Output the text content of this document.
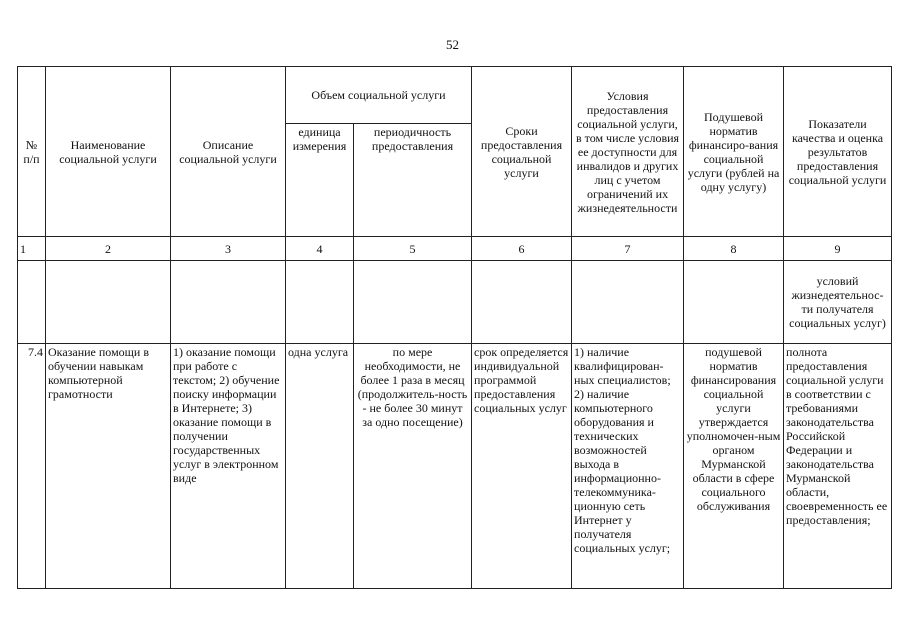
52
№ п/п	Наименование социальной услуги	Описание социальной услуги	Объем социальной услуги		Сроки предоставления социальной услуги	Условия предоставления социальной услуги, в том числе условия ее доступности для инвалидов и других лиц с учетом ограничений их жизнедеятельности	Подушевой норматив финансиро-вания социальной услуги (рублей на одну услугу)	Показатели качества и оценка результатов предоставления социальной услуги
			единица измерения	периодичность предоставления				
1	2	3	4	5	6	7	8	9
								условий жизнедеятельнос-ти получателя социальных услуг)
7.4	Оказание помощи в обучении навыкам компьютерной грамотности	1) оказание помощи при работе с текстом; 2) обучение поиску информации в Интернете; 3) оказание помощи в получении государственных услуг в электронном виде	одна услуга	по мере необходимости, не более 1 раза в месяц (продолжитель-ность - не более 30 минут за одно посещение)	срок определяется индивидуальной программой предоставления социальных услуг	1) наличие квалифицирован-ных специалистов; 2) наличие компьютерного оборудования и технических возможностей выхода в информационно-телекоммуника-ционную сеть Интернет у получателя социальных услуг;	подушевой норматив финансирования социальной услуги утверждается уполномочен-ным органом Мурманской области в сфере социального обслуживания	полнота предоставления социальной услуги в соответствии с требованиями законодательства Российской Федерации и законодательства Мурманской области, своевременность ее предоставления;
